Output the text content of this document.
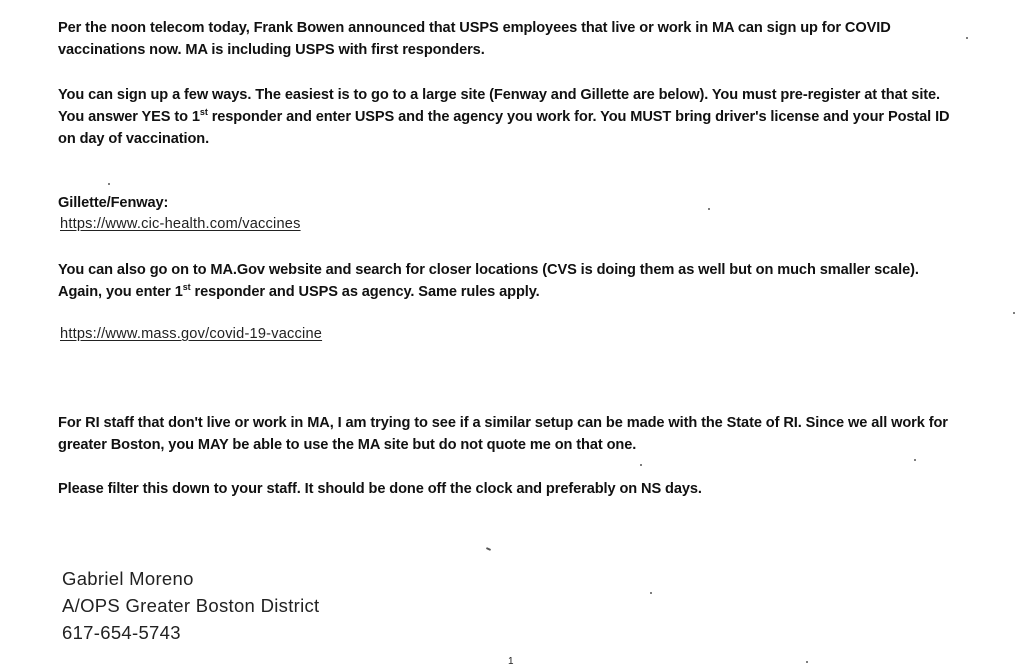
Per the noon telecom today, Frank Bowen announced that USPS employees that live or work in MA can sign up for COVID vaccinations now. MA is including USPS with first responders.

You can sign up a few ways. The easiest is to go to a large site (Fenway and Gillette are below). You must pre-register at that site. You answer YES to 1st responder and enter USPS and the agency you work for. You MUST bring driver's license and your Postal ID on day of vaccination.

Gillette/Fenway:

https://www.cic-health.com/vaccines

You can also go on to MA.Gov website and search for closer locations (CVS is doing them as well but on much smaller scale). Again, you enter 1st responder and USPS as agency. Same rules apply.

https://www.mass.gov/covid-19-vaccine

For RI staff that don't live or work in MA, I am trying to see if a similar setup can be made with the State of RI. Since we all work for greater Boston, you MAY be able to use the MA site but do not quote me on that one.

Please filter this down to your staff. It should be done off the clock and preferably on NS days.

Gabriel Moreno

A/OPS Greater Boston District

617-654-5743

1
